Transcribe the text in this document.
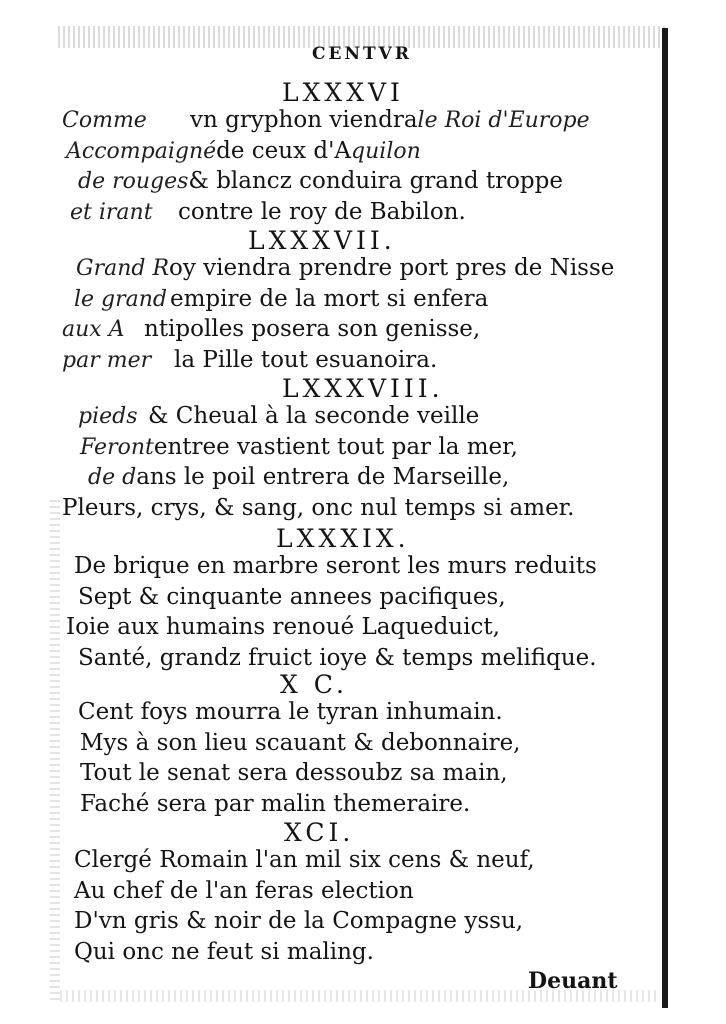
CENTVR
LXXXVI
Comme vn gryphon viendrale Roi d'Europe
Accompaignéde ceux d'Aquilon
de rouges& blancz conduira grand troppe
et irant contre le roy de Babilon.
LXXXVII.
Grand Roy viendra prendre port pres de Nisse
le grandempire de la mort si enfera
aux A ntipolles posera son genisse,
par merla Pille tout esuanoira.
LXXXVIII.
pieds & Cheual à la seconde veille
Ferontentree vastient tout par la mer,
de dans le poil entrera de Marseille,
Pleurs, crys, & sang, onc nul temps si amer.
LXXXIX.
De brique en marbre seront les murs reduits
Sept & cinquante annees pacifiques,
Ioie aux humains renoué Laqueduict,
Santé, grandz fruict ioye & temps melifique.
X C.
Cent foys mourra le tyran inhumain.
Mys à son lieu scauant & debonnaire,
Tout le senat sera dessoubz sa main,
Faché sera par malin themeraire.
XCI.
Clergé Romain l'an mil six cens & neuf,
Au chef de l'an feras election
D'vn gris & noir de la Compagne yssu,
Qui onc ne feut si maling.
Deuant
